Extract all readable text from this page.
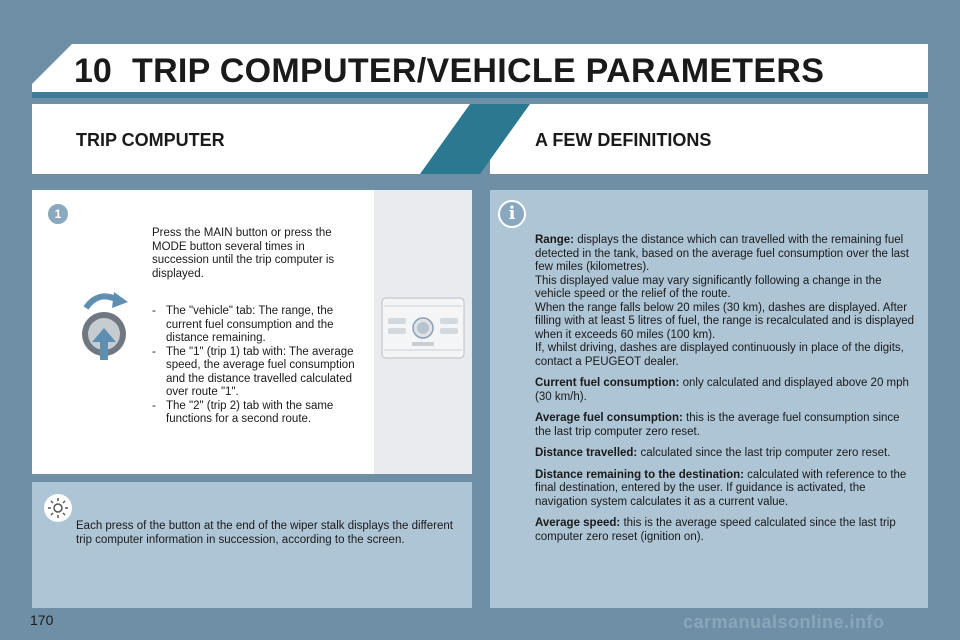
10 TRIP COMPUTER/VEHICLE PARAMETERS
TRIP COMPUTER	A FEW DEFINITIONS
1
Press the MAIN button or press the MODE button several times in succession until the trip computer is displayed.
- The "vehicle" tab: The range, the current fuel consumption and the distance remaining.
- The "1" (trip 1) tab with: The average speed, the average fuel consumption and the distance travelled calculated over route "1".
- The "2" (trip 2) tab with the same functions for a second route.
Each press of the button at the end of the wiper stalk displays the different trip computer information in succession, according to the screen.
i
Range: displays the distance which can travelled with the remaining fuel detected in the tank, based on the average fuel consumption over the last few miles (kilometres).
This displayed value may vary significantly following a change in the vehicle speed or the relief of the route.
When the range falls below 20 miles (30 km), dashes are displayed. After filling with at least 5 litres of fuel, the range is recalculated and is displayed when it exceeds 60 miles (100 km).
If, whilst driving, dashes are displayed continuously in place of the digits, contact a PEUGEOT dealer.
Current fuel consumption: only calculated and displayed above 20 mph (30 km/h).
Average fuel consumption: this is the average fuel consumption since the last trip computer zero reset.
Distance travelled: calculated since the last trip computer zero reset.
Distance remaining to the destination: calculated with reference to the final destination, entered by the user. If guidance is activated, the navigation system calculates it as a current value.
Average speed: this is the average speed calculated since the last trip computer zero reset (ignition on).
170	carmanualsonline.info
